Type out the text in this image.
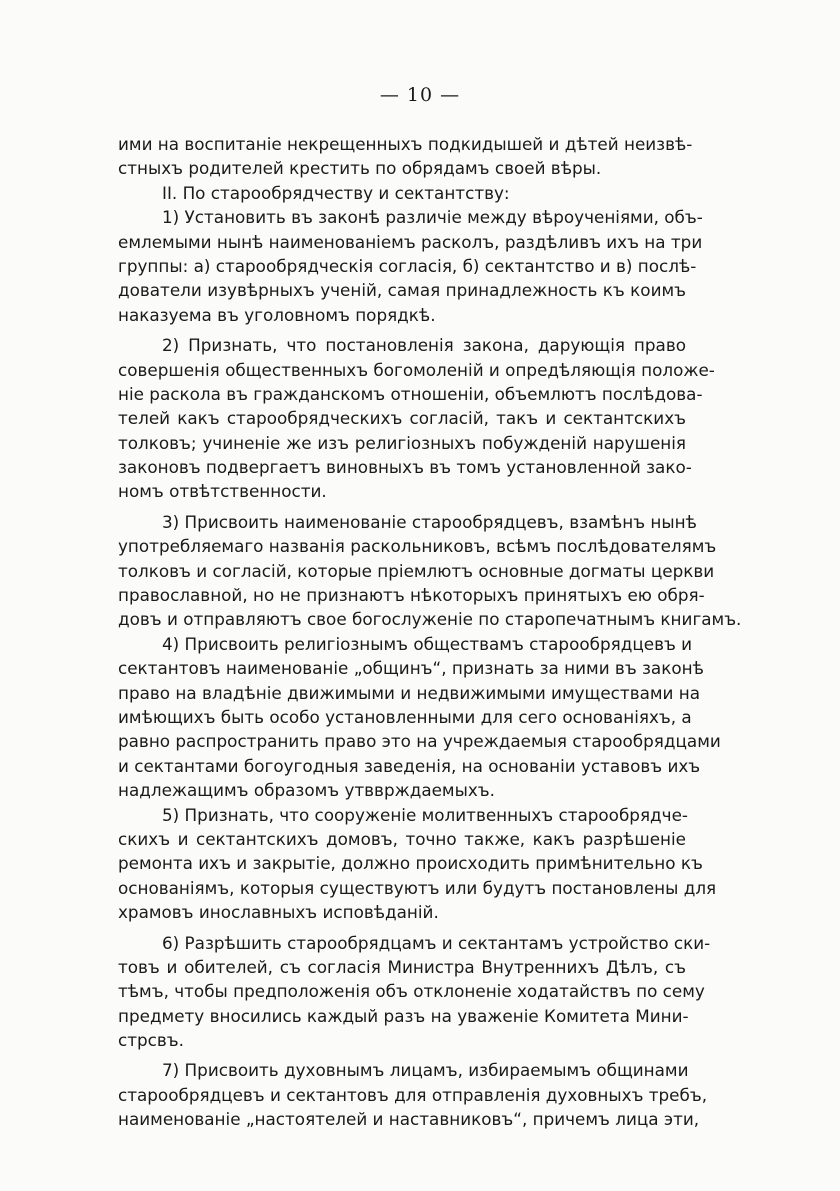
— 10 —
ими на воспитаніе некрещенныхъ подкидышей и дѣтей неизвѣ-
стныхъ родителей крестить по обрядамъ своей вѣры.
II. По старообрядчеству и сектантству:
1) Установить въ законѣ различіе между вѣроученіями, объ-
емлемыми нынѣ наименованіемъ расколъ, раздѣливъ ихъ на три
группы: а) старообрядческія согласія, б) сектантство и в) послѣ-
дователи изувѣрныхъ ученій, самая принадлежность къ коимъ
наказуема въ уголовномъ порядкѣ.
2) Признать, что постановленія закона, дарующія право
совершенія общественныхъ богомоленій и опредѣляющія положе-
ніе раскола въ гражданскомъ отношеніи, объемлютъ послѣдова-
телей какъ старообрядческихъ согласій, такъ и сектантскихъ
толковъ; учиненіе же изъ религіозныхъ побужденій нарушенія
законовъ подвергаетъ виновныхъ въ томъ установленной зако-
номъ отвѣтственности.
3) Присвоить наименованіе старообрядцевъ, взамѣнъ нынѣ
употребляемаго названія раскольниковъ, всѣмъ послѣдователямъ
толковъ и согласій, которые пріемлютъ основные догматы церкви
православной, но не признаютъ нѣкоторыхъ принятыхъ ею обря-
довъ и отправляютъ свое богослуженіе по старопечатнымъ книгамъ.
4) Присвоить религіознымъ обществамъ старообрядцевъ и
сектантовъ наименованіе „общинъ“, признать за ними въ законѣ
право на владѣніе движимыми и недвижимыми имуществами на
имѣющихъ быть особо установленными для сего основаніяхъ, а
равно распространить право это на учреждаемыя старообрядцами
и сектантами богоугодныя заведенія, на основаніи уставовъ ихъ
надлежащимъ образомъ утвврждаемыхъ.
5) Признать, что сооруженіе молитвенныхъ старообрядче-
скихъ и сектантскихъ домовъ, точно также, какъ разрѣшеніе
ремонта ихъ и закрытіе, должно происходить примѣнительно къ
основаніямъ, которыя существуютъ или будутъ постановлены для
храмовъ инославныхъ исповѣданій.
6) Разрѣшить старообрядцамъ и сектантамъ устройство ски-
товъ и обителей, съ согласія Министра Внутреннихъ Дѣлъ, съ
тѣмъ, чтобы предположенія объ отклоненіе ходатайствъ по сему
предмету вносились каждый разъ на уваженіе Комитета Мини-
стрсвъ.
7) Присвоить духовнымъ лицамъ, избираемымъ общинами
старообрядцевъ и сектантовъ для отправленія духовныхъ требъ,
наименованіе „настоятелей и наставниковъ“, причемъ лица эти,
